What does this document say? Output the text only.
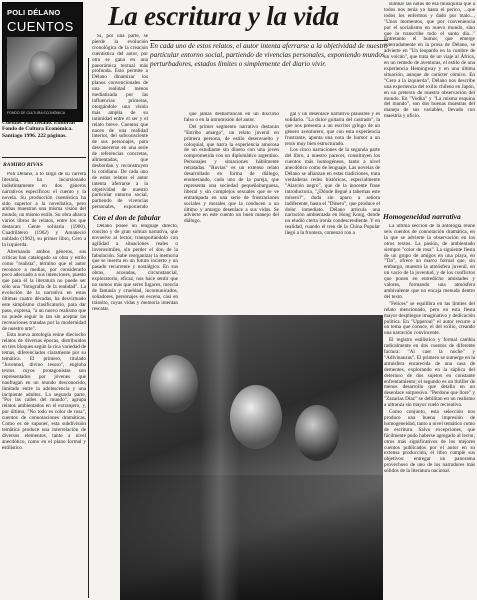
POLI DÉLANO
CUENTOS
FONDO DE CULTURA ECONÓMICA
La escritura y la vida
En cada uno de estos relatos, el autor intenta aferrarse a la objetividad de nuestro particular entorno social, partiendo de vivencias personales, exponiendo mundos perturbadores, estados límites o simplemente del diario vivir.
Cuentos. Poli Délano. Editorial Fondo de Cultura Económica. Santiago 1996. 222 páginas.
RAMIRO RIVAS

Poli Délano, a lo largo de su carrera literaria, ha incursionado indistintamente en dos géneros narrativos específicos: el cuento y la novela. Su producción cuentística ha sido superior a la novelística, pero ambas muestran una misma visión del mundo, un mismo estilo. Su obra abarca varios libros de relatos, entre los que destacan: Gente solitaria (1960), Cuadrilátero (1962) y Amaneció nublado (1962), su primer libro, Cero a la izquierda.

Alternando ambos géneros, sus críticas han catalogado su obra y estilo como "realista", término que el autor reconoce a medias, por considerarlo poco adecuado a sus intenciones, puesto que para él la literatura no puede ser sólo una "fotografía de la realidad". La evolución de la narrativa en estas últimas cuatro décadas, ha desvirtuado este simplismo clasificatorio, para dar paso, expresa, "a un nuevo realismo que no puede seguir lo tan sin aceptar las recreaciones tratadas por la modernidad de nuestro arte".

Esta nueva antología reúne dieciocho relatos de diversas épocas, distribuidos en tres bloques según la rica variedad de temas, diferenciados claramente por su temática. El primero, titulado "Juventud, divino tesoro", engloba textos cuyos protagonistas son representados por jóvenes que naufragan en un mundo desconocido, limitado entre la adolescencia y una incipiente adultez. La segunda parte, "Por las calles del mundo", agrupa relatos ambientados en el extranjero, y, por último, "No todo es color de rosa", cuentos de connotaciones dramáticas. Como es de suponer, esta subdivisión temática produce una interrelación de diversos elementos, tanto a nivel anecdótico, como en el plano formal y estilístico.

Si, por una parte, se pierde la evolución cronológica de la creación cuentística del autor, por otra se gana en una panorámica textual más profunda. Esto permite a Délano dinamizar los planos convencionales de una realidad menos mediatizada por las influencias primeras, otorgándole una visión más amplia de su intimidad entre el ser y el relato breve. Cuentos que nacen de una realidad interior, del subconsciente de sus personajes, para desvanecerse en una serie de referencias concretas, alimentadas, que desbordan y reconstruyen lo cotidiano. De cada uno de estos relatos el autor intenta aferrarse a la objetividad de nuestro particular entorno social, partiendo de vivencias personales, exponiendo

Con el don de fabular

Délano posee un lenguaje directo, conciso y de gran soltura narrativa, que envuelve al lector, transportándolo con agilidad a situaciones reales o inverosímiles, sin perder el don de la fabulación. Sabe reorganizar la memoria que se inserta en un futuro incierto y un pasado recurrente y nostálgico. En sus obras, acosadas, circunstancial, exploratorio, eficaz, nos hace sentir que no somos más que seres fugaces, mezcla de fantasía y crueldad, incomunicados, soñadores, personajes en escena, casi en tránsito, cuyas vidas y memoria intentan rescatar.

que jamás desbarrancan en un discurso falso o en la intromisión del autor.

Del primer segmento narrativo destacan "Estribo amargo", un relato juvenil en primera persona, de estilo desenvuelto y coloquial, que narra la experiencia amorosa de un estudiante sin dinero con una joven comprometida con un diplomático argentino. Personajes y situaciones hábilmente retratadas. "Ruvias" es un extenso relato desarrollado en forma de diálogo, enumerando, cada uno de la pareja, que representa una sociedad pequeñoburguesa, liberal y sin complejos sexuales que se ve entrampada en una serie de frustraciones sociales y morales que la conducen a un último y amargo desenlace a sus vidas. Se advierte en este cuento un buen manejo del diálogo.

gal y un desenlace narrativo plausible y es solidario. "La dulce guitarra del castrado", la que nos presenta a un escritor gringo de un género aventurero, que con esta experiencia frustrante, apunta una nota de humor a un texto muy bien estructurado.

Los cinco narraciones de la segunda parte del libro, a nuestro parecer, constituyen los cuentos más homogéneos, tanto a nivel anecdótico como de lenguaje. Las novelas de Délano se afianzan en estas tradiciones, trata verdaderas redes históricas, especialmente "Alarcón negro", que de la inocente frase introductoria, "¿Dónde llegué a tabernas este mísero?", duda sin apuro a señora indiferente, hasta el "Dinero", que produce el dolor inmediato. Délano articula una narración ambientada en Hong Kong, donde no eludió cierta ironía condescendiente. Y en realidad, cuando el tren de la China Popular llegó a la frontera, comenzó ron a

sumbar las notas de esa musiquilla que a todos nos tenía ya hasta el perico, ...que todos los enfermos y dado por malo..., "Unos momentos, que por conveniencia por el socialismo en nuevo mundo, sino que lo transcribe todo el santo día..." Entretanto el humor, que emerge soterradamente en la prosa de Délano, se advierte en "Un leopardo en la cumbre de un volcán", que trata de un viaje al África, en un remedo de aventuras, el estilo de una experiencia Hemingway y en una última situación, aunque de carácter cómico. En "Cero a la izquierda", Délano nos describe una experiencia del exilio chileno en Japón, en un pretexto de nuestra observación del mundo. En "Vodka" y "La misma esquina del mundo", son dos buenas muestras del manejo de sus variables, llevado con maestría y oficio.

Homogeneidad narrativa

La última sección de la antología reúne seis cuentos de connotación dramática, en la que se advierte la observación en los otros textos. La pasión, de ambientado siempre "color de rosa". La siguiente fiesta de un grupo de amigos en una playa, en "Tio", ofrece un marco formal que, sin embargo, muestra la atmósfera juvenil, en un vacío de la juventud, y de los conflictos que ponen en entredicho amistades y valores, formando una atmósfera ambivalente que no encaja menuda dentro del texto.

"Felices" se equilibra en las límites del relato mencionado, pero en esta fiesta mayor despliegue imaginativo y dedicación política. En "Upperoul" el autor recurre a un tema que conoce, el del exilio, creando una narración convincente.

El registro estilístico y formal cambia radicalmente en dos cuentos de diferente factura: "Al caer la noche" y "Adivinanzas". El primero se sumerge en la atmósfera enrarecida de una casa de dementes, explorando en la súplica del deterioro de dos sujetos en constante enfrentamiento; el segundo es un thriller de menos desarrollo que detalla en un desenlace sorpresivo. "Perdone que llore" y "Zazarías Díaz" se debilitan en un realismo a ultranza sin mayor vuelo recreativo.

Como conjunto, esta selección nos produce una buena impresión de homogeneidad, tanto a nivel temático como de escritura. Salvo excepciones, que fácilmente pudo haberse agregado al lector, otros más significativos de los mejores cuentos publicados por el autor en su extensa producción, el libro cumple sus objetivos: entregar un panorama provechoso de uno de los narradores más sólidos de la literatura nacional.
